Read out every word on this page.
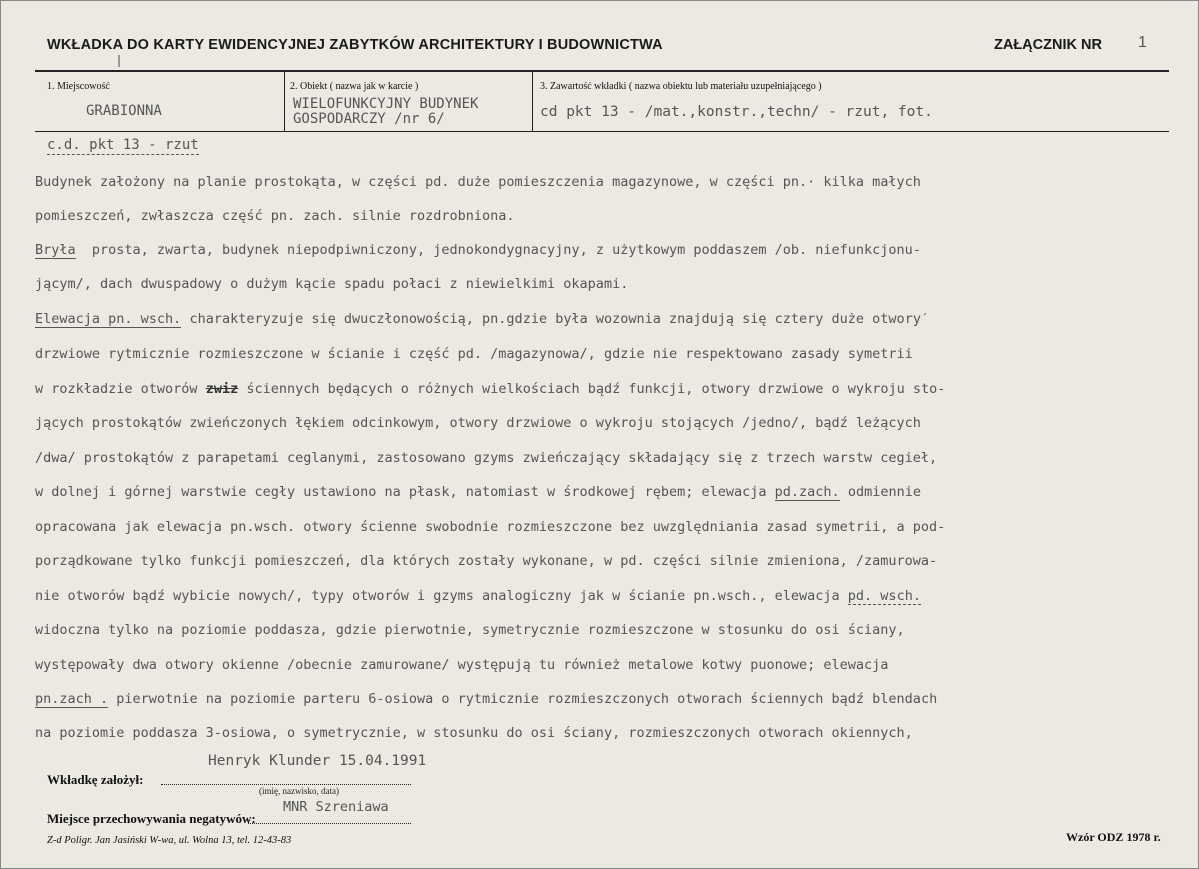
WKŁADKA DO KARTY EWIDENCYJNEJ ZABYTKÓW ARCHITEKTURY I BUDOWNICTWA	ZAŁĄCZNIK NR 1
1. Miejscowość
GRABIONNA
2. Obiekt ( nazwa jak w karcie )
WIELOFUNKCYJNY BUDYNEK
GOSPODARCZY /nr 6/
3. Zawartość wkładki ( nazwa obiektu lub materiału uzupełniającego )
cd pkt 13 - /mat.,konstr.,techn/ - rzut, fot.
c.d. pkt 13 - rzut
Budynek założony na planie prostokąta, w części pd. duże pomieszczenia magazynowe, w części pn.· kilka małych
pomieszczeń, zwłaszcza część pn. zach. silnie rozdrobniona.
Bryła prosta, zwarta, budynek niepodpiwniczony, jednokondygnacyjny, z użytkowym poddaszem /ob. niefunkcjonu-
jącym/, dach dwuspadowy o dużym kącie spadu połaci z niewielkimi okapami.
Elewacja pn. wsch. charakteryzuje się dwuczłonowością, pn.gdzie była wozownia znajdują się cztery duże otwory′
drzwiowe rytmicznie rozmieszczone w ścianie i część pd. /magazynowa/, gdzie nie respektowano zasady symetrii
w rozkładzie otworów zwiz ściennych będących o różnych wielkościach bądź funkcji, otwory drzwiowe o wykroju sto-
jących prostokątów zwieńczonych łękiem odcinkowym, otwory drzwiowe o wykroju stojących /jedno/, bądź leżących
/dwa/ prostokątów z parapetami ceglanymi, zastosowano gzyms zwieńczający składający się z trzech warstw cegieł,
w dolnej i górnej warstwie cegły ustawiono na płask, natomiast w środkowej rębem; elewacja pd.zach. odmiennie
opracowana jak elewacja pn.wsch. otwory ścienne swobodnie rozmieszczone bez uwzględniania zasad symetrii, a pod-
porządkowane tylko funkcji pomieszczeń, dla których zostały wykonane, w pd. części silnie zmieniona, /zamurowa-
nie otworów bądź wybicie nowych/, typy otworów i gzyms analogiczny jak w ścianie pn.wsch., elewacja pd. wsch.
widoczna tylko na poziomie poddasza, gdzie pierwotnie, symetrycznie rozmieszczone w stosunku do osi ściany,
występowały dwa otwory okienne /obecnie zamurowane/ występują tu również metalowe kotwy puonowe; elewacja
pn.zach . pierwotnie na poziomie parteru 6-osiowa o rytmicznie rozmieszczonych otworach ściennych bądź blendach
na poziomie poddasza 3-osiowa, o symetrycznie, w stosunku do osi ściany, rozmieszczonych otworach okiennych,
Henryk Klunder 15.04.1991
Wkładkę założył:
(imię, nazwisko, data)
MNR Szreniawa
Miejsce przechowywania negatywów:
Z-d Poligr. Jan Jasiński W-wa, ul. Wolna 13, tel. 12-43-83	Wzór ODZ 1978 r.
